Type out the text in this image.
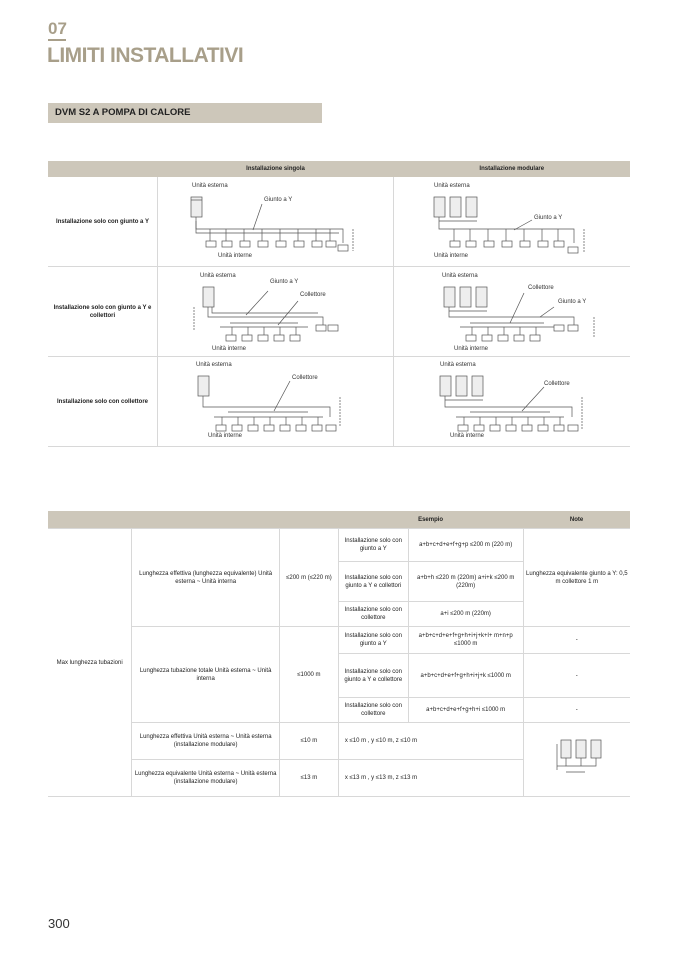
07
LIMITI INSTALLATIVI
DVM S2 A POMPA DI CALORE
	Installazione singola	Installazione modulare
Installazione solo con giunto a Y	Unità esterna
Giunto a Y
Unità interne	Unità esterna
Giunto a Y
Unità interne

Installazione solo con giunto a Y e collettori	Unità esterna
Giunto a Y
Collettore
Unità interne	Unità esterna
Collettore
Giunto a Y
Unità interne

Installazione solo con collettore	Unità esterna
Collettore
Unità interne	Unità esterna
Collettore
Unità interne
			Esempio		Note
Max lunghezza tubazioni	Lunghezza effettiva (lunghezza equivalente) Unità esterna ~ Unità interna	≤200 m (≤220 m)	Installazione solo con giunto a Y	a+b+c+d+e+f+g+p ≤200 m (220 m)	Lunghezza equivalente giunto a Y: 0,5 m collettore 1 m
			Installazione solo con giunto a Y e collettori	a+b+h ≤220 m (220m) a+i+k ≤200 m (220m)	
			Installazione solo con collettore	a+i ≤200 m (220m)	
	Lunghezza tubazione totale Unità esterna ~ Unità interna	≤1000 m	Installazione solo con giunto a Y	a+b+c+d+e+f+g+h+i+j+k+l+ m+n+p ≤1000 m	-
			Installazione solo con giunto a Y e collettore	a+b+c+d+e+f+g+h+i+j+k ≤1000 m	-
			Installazione solo con collettore	a+b+c+d+e+f+g+h+i ≤1000 m	-
	Lunghezza effettiva Unità esterna ~ Unità esterna (installazione modulare)	≤10 m	x ≤10 m , y ≤10 m, z ≤10 m	
	Lunghezza equivalente Unità esterna ~ Unità esterna (installazione modulare)	≤13 m	x ≤13 m , y ≤13 m, z ≤13 m		
300
